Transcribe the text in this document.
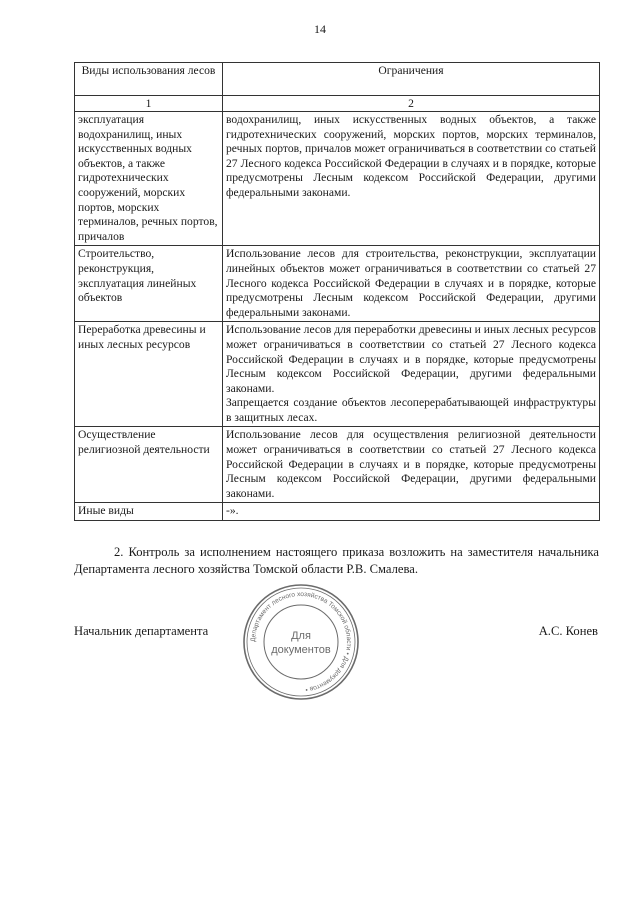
14
Виды использования лесов	Ограничения
1	2
эксплуатация водохранилищ, иных искусственных водных объектов, а также гидротехнических сооружений, морских портов, морских терминалов, речных портов, причалов	водохранилищ, иных искусственных водных объектов, а также гидротехнических сооружений, морских портов, морских терминалов, речных портов, причалов может ограничиваться в соответствии со статьей 27 Лесного кодекса Российской Федерации в случаях и в порядке, которые предусмотрены Лесным кодексом Российской Федерации, другими федеральными законами.
Строительство, реконструкция, эксплуатация линейных объектов	Использование лесов для строительства, реконструкции, эксплуатации линейных объектов может ограничиваться в соответствии со статьей 27 Лесного кодекса Российской Федерации в случаях и в порядке, которые предусмотрены Лесным кодексом Российской Федерации, другими федеральными законами.
Переработка древесины и иных лесных ресурсов	Использование лесов для переработки древесины и иных лесных ресурсов может ограничиваться в соответствии со статьей 27 Лесного кодекса Российской Федерации в случаях и в порядке, которые предусмотрены Лесным кодексом Российской Федерации, другими федеральными законами.

Запрещается создание объектов лесоперерабатывающей инфраструктуры в защитных лесах.

Осуществление религиозной деятельности	Использование лесов для осуществления религиозной деятельности может ограничиваться в соответствии со статьей 27 Лесного кодекса Российской Федерации в случаях и в порядке, которые предусмотрены Лесным кодексом Российской Федерации, другими федеральными законами.
Иные виды	-».
2. Контроль за исполнением настоящего приказа возложить на заместителя начальника Департамента лесного хозяйства Томской области Р.В. Смалева.
Начальник департамента
Департамент лесного хозяйства Томской области • Для документов •
Для
документов
А.С. Конев
